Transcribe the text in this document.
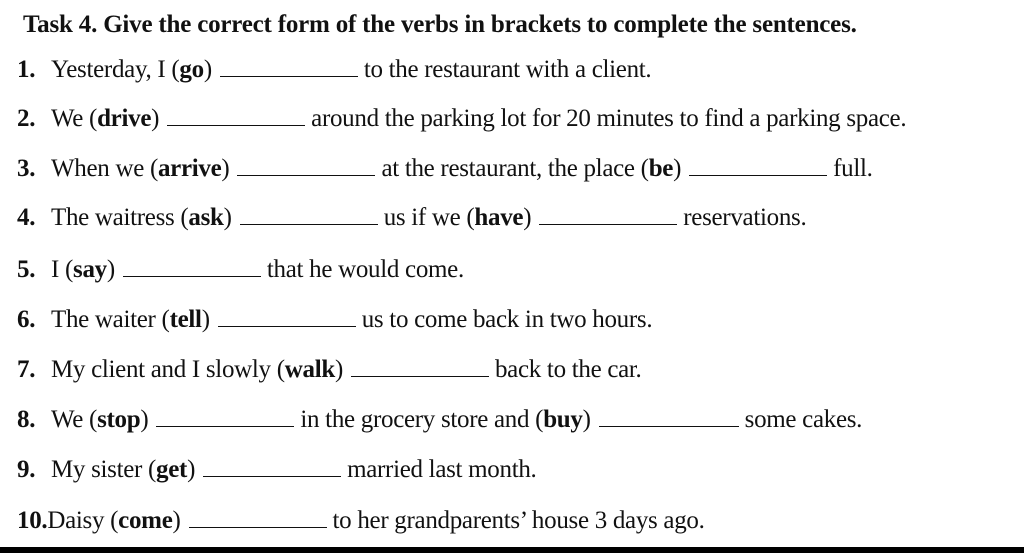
Task 4. Give the correct form of the verbs in brackets to complete the sentences.
1. Yesterday, I (go)	to the restaurant with a client.
2. We (drive)	around the parking lot for 20 minutes to find a parking space.
3. When we (arrive)	at the restaurant, the place (be)	full.
4. The waitress (ask)	us if we (have)	reservations.
5. I (say)	that he would come.
6. The waiter (tell)	us to come back in two hours.
7. My client and I slowly (walk)	back to the car.
8. We (stop)	in the grocery store and (buy)	some cakes.
9. My sister (get)	married last month.
10.Daisy (come)	to her grandparents’ house 3 days ago.
